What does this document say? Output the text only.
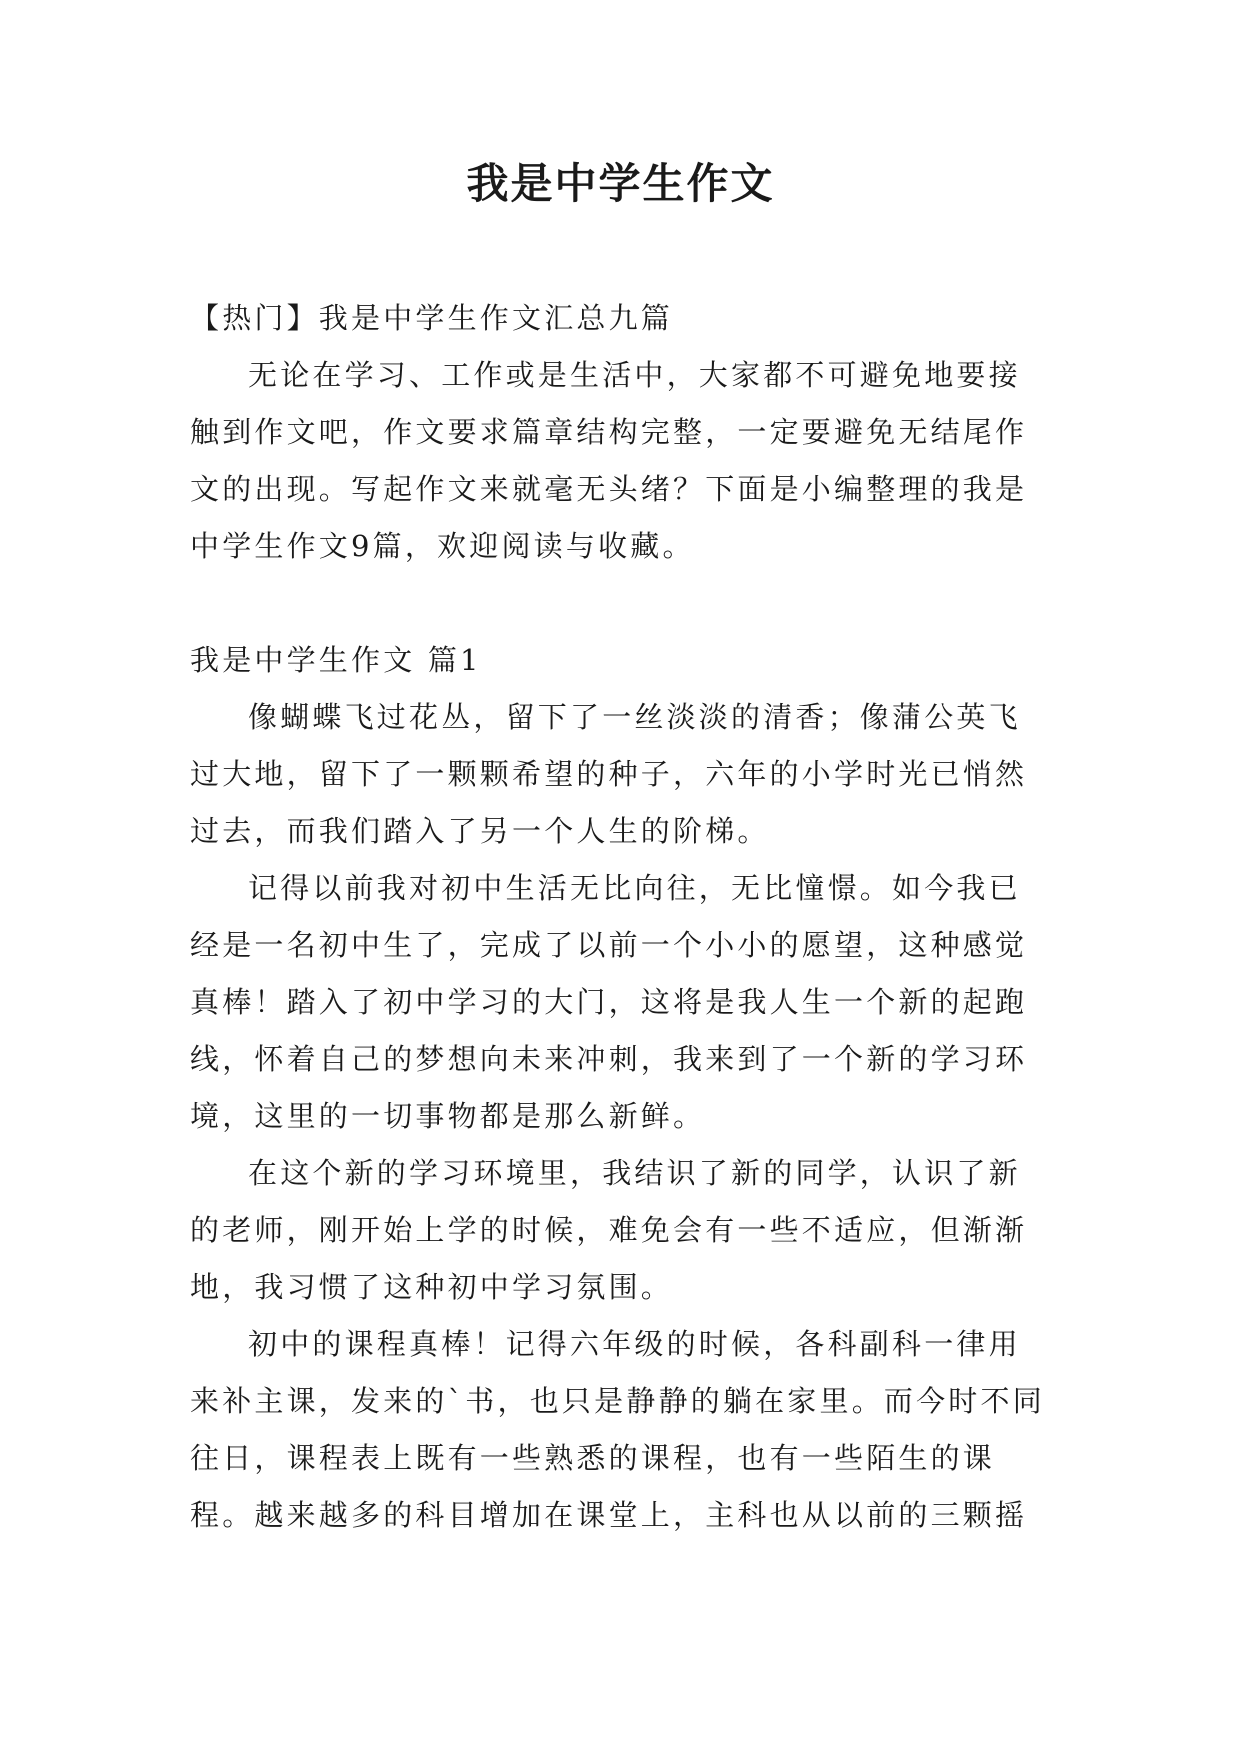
我是中学生作文

【热门】我是中学生作文汇总九篇

无论在学习、工作或是生活中，大家都不可避免地要接触到作文吧，作文要求篇章结构完整，一定要避免无结尾作文的出现。写起作文来就毫无头绪？下面是小编整理的我是中学生作文9篇，欢迎阅读与收藏。

我是中学生作文 篇1

像蝴蝶飞过花丛，留下了一丝淡淡的清香；像蒲公英飞过大地，留下了一颗颗希望的种子，六年的小学时光已悄然过去，而我们踏入了另一个人生的阶梯。

记得以前我对初中生活无比向往，无比憧憬。如今我已经是一名初中生了，完成了以前一个小小的愿望，这种感觉真棒！踏入了初中学习的大门，这将是我人生一个新的起跑线，怀着自己的梦想向未来冲刺，我来到了一个新的学习环境，这里的一切事物都是那么新鲜。

在这个新的学习环境里，我结识了新的同学，认识了新的老师，刚开始上学的时候，难免会有一些不适应，但渐渐地，我习惯了这种初中学习氛围。

初中的课程真棒！记得六年级的时候，各科副科一律用来补主课，发来的`书，也只是静静的躺在家里。而今时不同往日，课程表上既有一些熟悉的课程，也有一些陌生的课程。越来越多的科目增加在课堂上，主科也从以前的三颗摇
